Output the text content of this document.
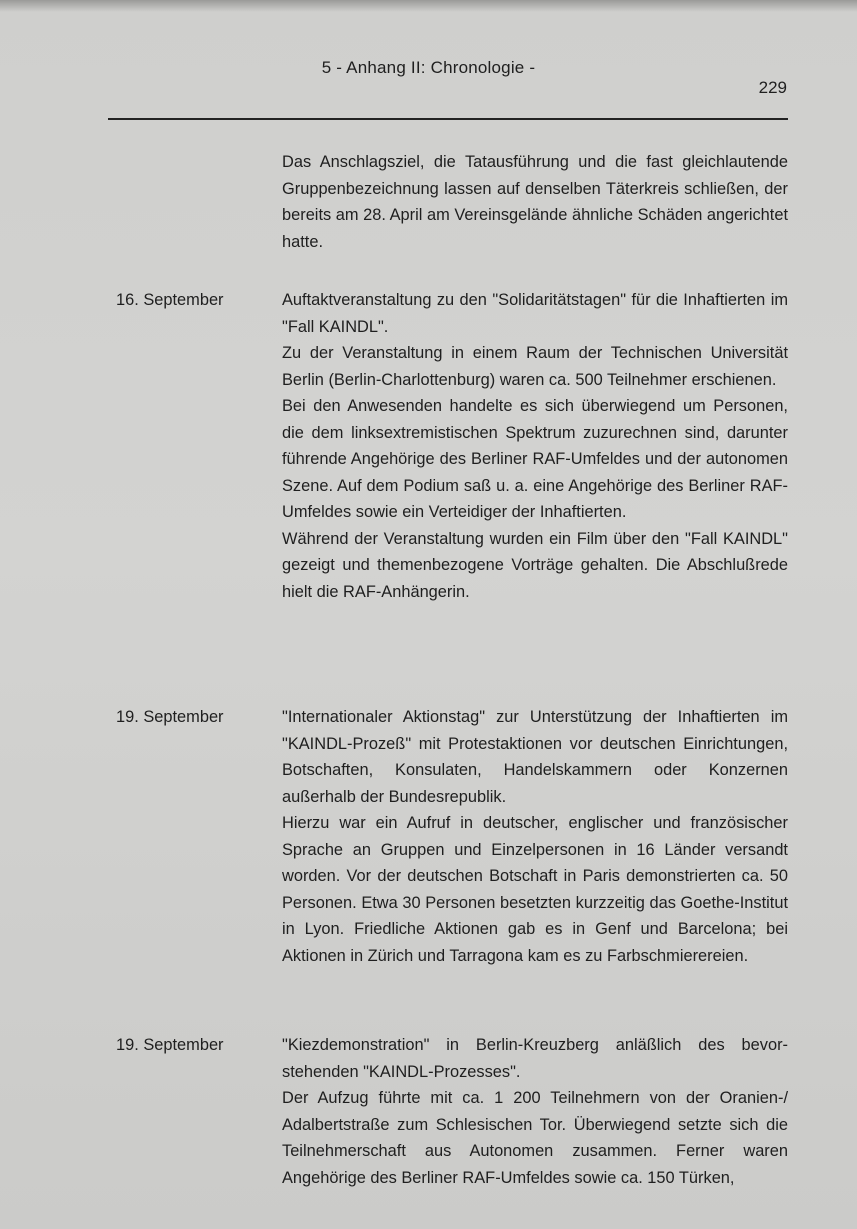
5 - Anhang II: Chronologie -
229

Das Anschlagsziel, die Tatausführung und die fast gleichlautende Gruppenbezeichnung lassen auf denselben Täterkreis schließen, der bereits am 28. April am Vereinsgelände ähnliche Schäden angerichtet hatte.

16. September	Auftaktveranstaltung zu den "Solidaritätstagen" für die Inhaftierten im "Fall KAINDL".

Zu der Veranstaltung in einem Raum der Technischen Universität Berlin (Berlin-Charlottenburg) waren ca. 500 Teilnehmer erschienen.

Bei den Anwesenden handelte es sich überwiegend um Personen, die dem linksextremistischen Spektrum zuzurechnen sind, darunter führende Angehörige des Berliner RAF-Umfeldes und der autonomen Szene. Auf dem Podium saß u. a. eine Angehörige des Berliner RAF-Umfeldes sowie ein Verteidiger der Inhaftierten.

Während der Veranstaltung wurden ein Film über den "Fall KAINDL" gezeigt und themenbezogene Vorträge gehalten. Die Abschlußrede hielt die RAF-Anhängerin.

19. September	"Internationaler Aktionstag" zur Unterstützung der Inhaftierten im "KAINDL-Prozeß" mit Protestaktionen vor deutschen Einrichtungen, Botschaften, Konsulaten, Handelskammern oder Konzernen außerhalb der Bundesrepublik.

Hierzu war ein Aufruf in deutscher, englischer und französischer Sprache an Gruppen und Einzelpersonen in 16 Länder versandt worden. Vor der deutschen Botschaft in Paris demonstrierten ca. 50 Personen. Etwa 30 Personen besetzten kurzzeitig das Goethe-Institut in Lyon. Friedliche Aktionen gab es in Genf und Barcelona; bei Aktionen in Zürich und Tarragona kam es zu Farbschmierereien.

19. September	"Kiezdemonstration" in Berlin-Kreuzberg anläßlich des bevorstehenden "KAINDL-Prozesses".

Der Aufzug führte mit ca. 1 200 Teilnehmern von der Oranien-/ Adalbertstraße zum Schlesischen Tor. Überwiegend setzte sich die Teilnehmerschaft aus Autonomen zusammen. Ferner waren Angehörige des Berliner RAF-Umfeldes sowie ca. 150 Türken,
